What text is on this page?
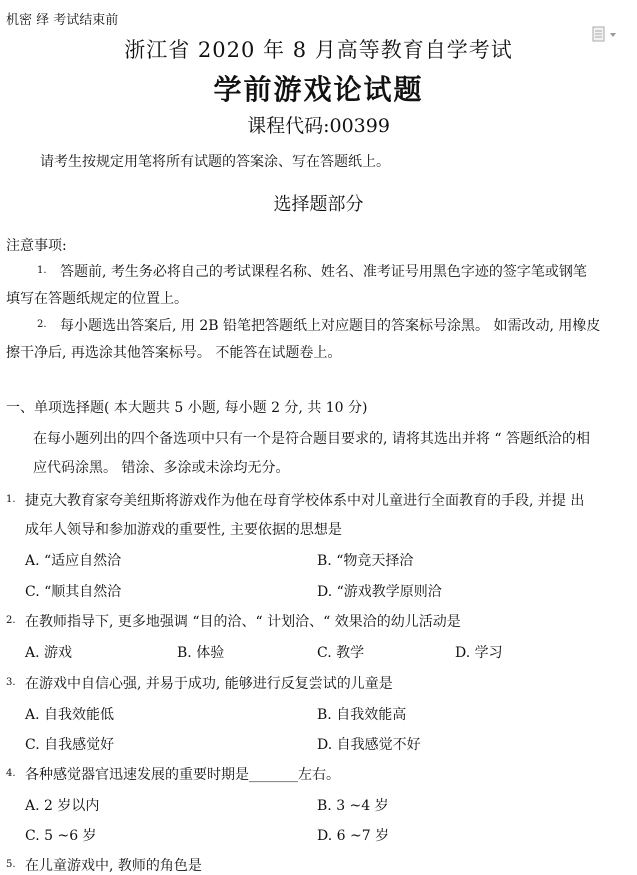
机密 绎 考试结束前
浙江省 2020 年 8 月高等教育自学考试
学前游戏论试题
课程代码:00399
请考生按规定用笔将所有试题的答案涂、写在答题纸上。
选择题部分
注意事项:
1. 答题前, 考生务必将自己的考试课程名称、姓名、准考证号用黑色字迹的签字笔或钢笔
填写在答题纸规定的位置上。
2. 每小题选出答案后, 用 2B 铅笔把答题纸上对应题目的答案标号涂黑。 如需改动, 用橡皮
擦干净后, 再选涂其他答案标号。 不能答在试题卷上。
一、单项选择题( 本大题共 5 小题, 每小题 2 分, 共 10 分)
在每小题列出的四个备选项中只有一个是符合题目要求的, 请将其选出并将 “ 答题纸洽的相
应代码涂黑。 错涂、多涂或未涂均无分。
1. 捷克大教育家夸美纽斯将游戏作为他在母育学校体系中对儿童进行全面教育的手段, 并提 出
成年人领导和参加游戏的重要性, 主要依据的思想是
A. “适应自然洽	B. “物竞天择洽
C. “顺其自然洽	D. “游戏教学原则洽
2. 在教师指导下, 更多地强调 “目的洽、“ 计划洽、“ 效果洽的幼儿活动是
A. 游戏	B. 体验	C. 教学	D. 学习
3. 在游戏中自信心强, 并易于成功, 能够进行反复尝试的儿童是
A. 自我效能低	B. 自我效能高
C. 自我感觉好	D. 自我感觉不好
4. 各种感觉器官迅速发展的重要时期是_______左右。
A. 2 岁以内	B. 3 ~4 岁
C. 5 ~6 岁	D. 6 ~7 岁
5. 在儿童游戏中, 教师的角色是
